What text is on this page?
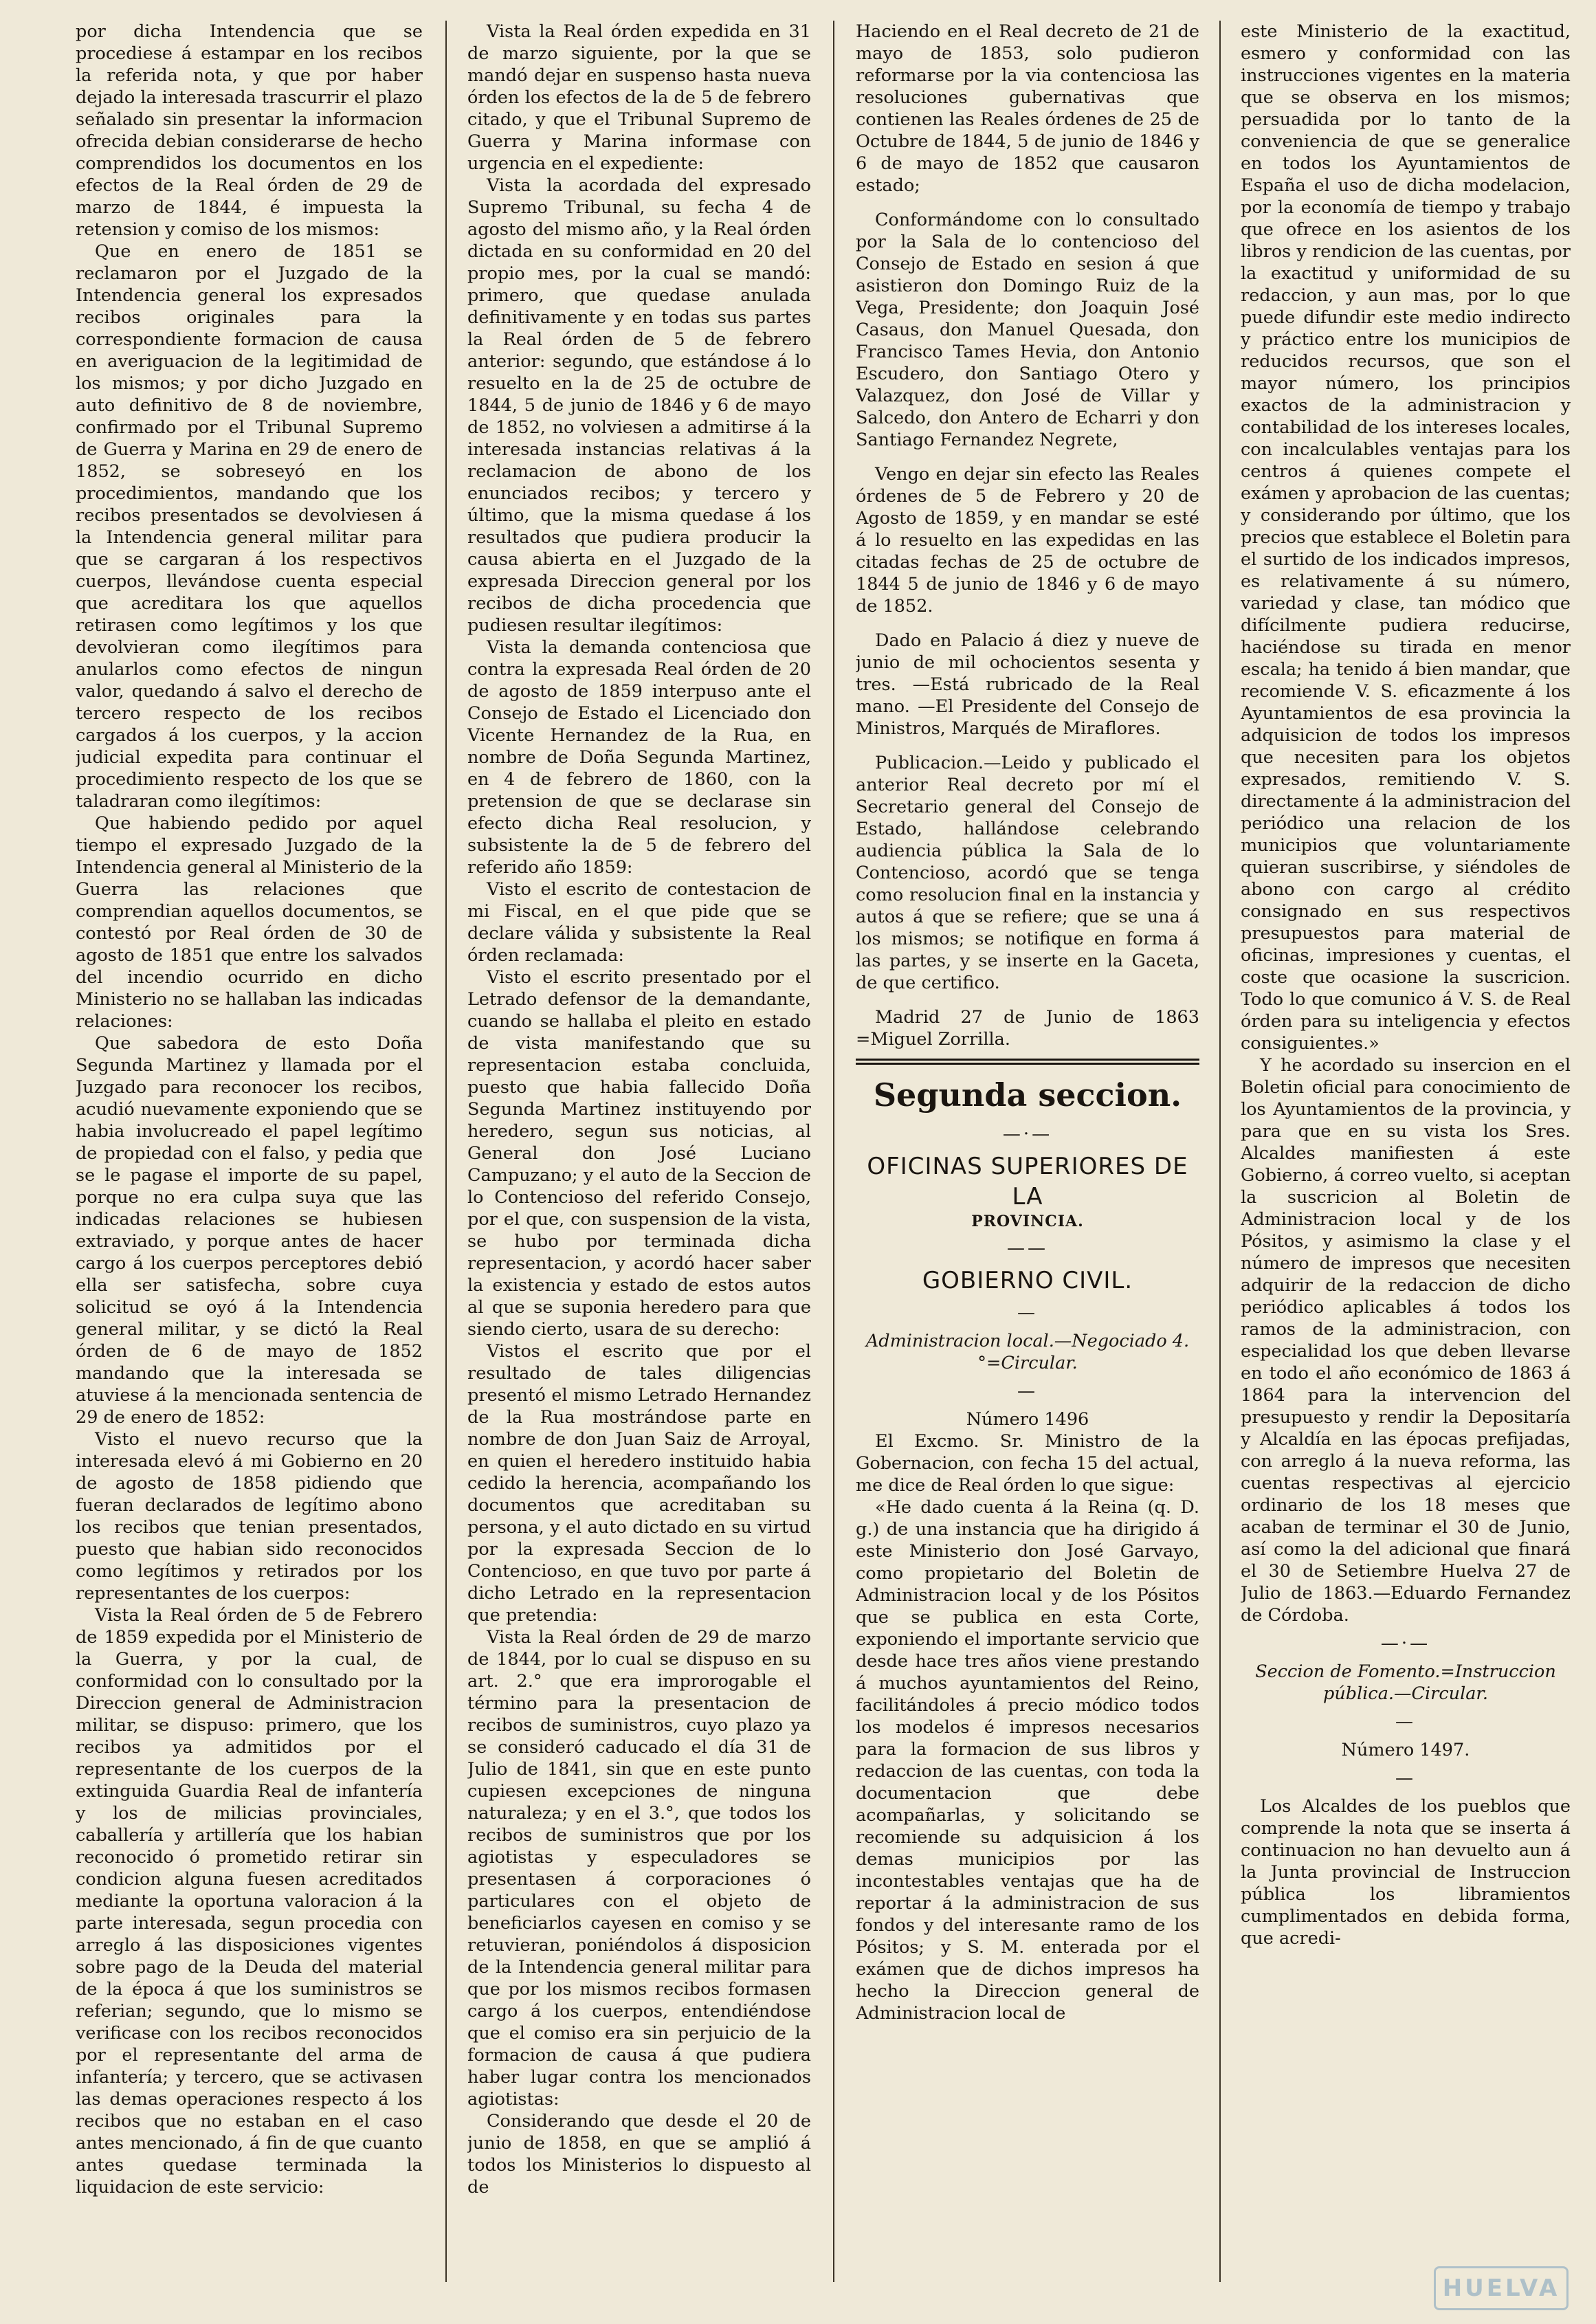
por dicha Intendencia que se procediese á estampar en los recibos la referida nota, y que por haber dejado la interesada trascurrir el plazo señalado sin presentar la informacion ofrecida debian considerarse de hecho comprendidos los documentos en los efectos de la Real órden de 29 de marzo de 1844, é impuesta la retension y comiso de los mismos:

Que en enero de 1851 se reclamaron por el Juzgado de la Intendencia general los expresados recibos originales para la correspondiente formacion de causa en averiguacion de la legitimidad de los mismos; y por dicho Juzgado en auto definitivo de 8 de noviembre, confirmado por el Tribunal Supremo de Guerra y Marina en 29 de enero de 1852, se sobreseyó en los procedimientos, mandando que los recibos presentados se devolviesen á la Intendencia general militar para que se cargaran á los respectivos cuerpos, llevándose cuenta especial que acreditara los que aquellos retirasen como legítimos y los que devolvieran como ilegítimos para anularlos como efectos de ningun valor, quedando á salvo el derecho de tercero respecto de los recibos cargados á los cuerpos, y la accion judicial expedita para continuar el procedimiento respecto de los que se taladraran como ilegítimos:

Que habiendo pedido por aquel tiempo el expresado Juzgado de la Intendencia general al Ministerio de la Guerra las relaciones que comprendian aquellos documentos, se contestó por Real órden de 30 de agosto de 1851 que entre los salvados del incendio ocurrido en dicho Ministerio no se hallaban las indicadas relaciones:

Que sabedora de esto Doña Segunda Martinez y llamada por el Juzgado para reconocer los recibos, acudió nuevamente exponiendo que se habia involucreado el papel legítimo de propiedad con el falso, y pedia que se le pagase el importe de su papel, porque no era culpa suya que las indicadas relaciones se hubiesen extraviado, y porque antes de hacer cargo á los cuerpos perceptores debió ella ser satisfecha, sobre cuya solicitud se oyó á la Intendencia general militar, y se dictó la Real órden de 6 de mayo de 1852 mandando que la interesada se atuviese á la mencionada sentencia de 29 de enero de 1852:

Visto el nuevo recurso que la interesada elevó á mi Gobierno en 20 de agosto de 1858 pidiendo que fueran declarados de legítimo abono los recibos que tenian presentados, puesto que habian sido reconocidos como legítimos y retirados por los representantes de los cuerpos:

Vista la Real órden de 5 de Febrero de 1859 expedida por el Ministerio de la Guerra, y por la cual, de conformidad con lo consultado por la Direccion general de Administracion militar, se dispuso: primero, que los recibos ya admitidos por el representante de los cuerpos de la extinguida Guardia Real de infantería y los de milicias provinciales, caballería y artillería que los habian reconocido ó prometido retirar sin condicion alguna fuesen acreditados mediante la oportuna valoracion á la parte interesada, segun procedia con arreglo á las disposiciones vigentes sobre pago de la Deuda del material de la época á que los suministros se referian; segundo, que lo mismo se verificase con los recibos reconocidos por el representante del arma de infantería; y tercero, que se activasen las demas operaciones respecto á los recibos que no estaban en el caso antes mencionado, á fin de que cuanto antes quedase terminada la liquidacion de este servicio:

Vista la Real órden expedida en 31 de marzo siguiente, por la que se mandó dejar en suspenso hasta nueva órden los efectos de la de 5 de febrero citado, y que el Tribunal Supremo de Guerra y Marina informase con urgencia en el expediente:

Vista la acordada del expresado Supremo Tribunal, su fecha 4 de agosto del mismo año, y la Real órden dictada en su conformidad en 20 del propio mes, por la cual se mandó: primero, que quedase anulada definitivamente y en todas sus partes la Real órden de 5 de febrero anterior: segundo, que estándose á lo resuelto en la de 25 de octubre de 1844, 5 de junio de 1846 y 6 de mayo de 1852, no volviesen a admitirse á la interesada instancias relativas á la reclamacion de abono de los enunciados recibos; y tercero y último, que la misma quedase á los resultados que pudiera producir la causa abierta en el Juzgado de la expresada Direccion general por los recibos de dicha procedencia que pudiesen resultar ilegítimos:

Vista la demanda contenciosa que contra la expresada Real órden de 20 de agosto de 1859 interpuso ante el Consejo de Estado el Licenciado don Vicente Hernandez de la Rua, en nombre de Doña Segunda Martinez, en 4 de febrero de 1860, con la pretension de que se declarase sin efecto dicha Real resolucion, y subsistente la de 5 de febrero del referido año 1859:

Visto el escrito de contestacion de mi Fiscal, en el que pide que se declare válida y subsistente la Real órden reclamada:

Visto el escrito presentado por el Letrado defensor de la demandante, cuando se hallaba el pleito en estado de vista manifestando que su representacion estaba concluida, puesto que habia fallecido Doña Segunda Martinez instituyendo por heredero, segun sus noticias, al General don José Luciano Campuzano; y el auto de la Seccion de lo Contencioso del referido Consejo, por el que, con suspension de la vista, se hubo por terminada dicha representacion, y acordó hacer saber la existencia y estado de estos autos al que se suponia heredero para que siendo cierto, usara de su derecho:

Vistos el escrito que por el resultado de tales diligencias presentó el mismo Letrado Hernandez de la Rua mostrándose parte en nombre de don Juan Saiz de Arroyal, en quien el heredero instituido habia cedido la herencia, acompañando los documentos que acreditaban su persona, y el auto dictado en su virtud por la expresada Seccion de lo Contencioso, en que tuvo por parte á dicho Letrado en la representacion que pretendia:

Vista la Real órden de 29 de marzo de 1844, por lo cual se dispuso en su art. 2.° que era improrogable el término para la presentacion de recibos de suministros, cuyo plazo ya se consideró caducado el día 31 de Julio de 1841, sin que en este punto cupiesen excepciones de ninguna naturaleza; y en el 3.°, que todos los recibos de suministros que por los agiotistas y especuladores se presentasen á corporaciones ó particulares con el objeto de beneficiarlos cayesen en comiso y se retuvieran, poniéndolos á disposicion de la Intendencia general militar para que por los mismos recibos formasen cargo á los cuerpos, entendiéndose que el comiso era sin perjuicio de la formacion de causa á que pudiera haber lugar contra los mencionados agiotistas:

Considerando que desde el 20 de junio de 1858, en que se amplió á todos los Ministerios lo dispuesto al de

Haciendo en el Real decreto de 21 de mayo de 1853, solo pudieron reformarse por la via contenciosa las resoluciones gubernativas que contienen las Reales órdenes de 25 de Octubre de 1844, 5 de junio de 1846 y 6 de mayo de 1852 que causaron estado;

Conformándome con lo consultado por la Sala de lo contencioso del Consejo de Estado en sesion á que asistieron don Domingo Ruiz de la Vega, Presidente; don Joaquin José Casaus, don Manuel Quesada, don Francisco Tames Hevia, don Antonio Escudero, don Santiago Otero y Valazquez, don José de Villar y Salcedo, don Antero de Echarri y don Santiago Fernandez Negrete,

Vengo en dejar sin efecto las Reales órdenes de 5 de Febrero y 20 de Agosto de 1859, y en mandar se esté á lo resuelto en las expedidas en las citadas fechas de 25 de octubre de 1844 5 de junio de 1846 y 6 de mayo de 1852.

Dado en Palacio á diez y nueve de junio de mil ochocientos sesenta y tres. —Está rubricado de la Real mano. —El Presidente del Consejo de Ministros, Marqués de Miraflores.

Publicacion.—Leido y publicado el anterior Real decreto por mí el Secretario general del Consejo de Estado, hallándose celebrando audiencia pública la Sala de lo Contencioso, acordó que se tenga como resolucion final en la instancia y autos á que se refiere; que se una á los mismos; se notifique en forma á las partes, y se inserte en la Gaceta, de que certifico.

Madrid 27 de Junio de 1863 =Miguel Zorrilla.

Segunda seccion.
—·—
OFICINAS SUPERIORES DE LA
PROVINCIA.
——
GOBIERNO CIVIL.
—

Administracion local.—Negociado 4.°=Circular.

—

Número 1496

El Excmo. Sr. Ministro de la Gobernacion, con fecha 15 del actual, me dice de Real órden lo que sigue:

«He dado cuenta á la Reina (q. D. g.) de una instancia que ha dirigido á este Ministerio don José Garvayo, como propietario del Boletin de Administracion local y de los Pósitos que se publica en esta Corte, exponiendo el importante servicio que desde hace tres años viene prestando á muchos ayuntamientos del Reino, facilitándoles á precio módico todos los modelos é impresos necesarios para la formacion de sus libros y redaccion de las cuentas, con toda la documentacion que debe acompañarlas, y solicitando se recomiende su adquisicion á los demas municipios por las incontestables ventajas que ha de reportar á la administracion de sus fondos y del interesante ramo de los Pósitos; y S. M. enterada por el exámen que de dichos impresos ha hecho la Direccion general de Administracion local de

este Ministerio de la exactitud, esmero y conformidad con las instrucciones vigentes en la materia que se observa en los mismos; persuadida por lo tanto de la conveniencia de que se generalice en todos los Ayuntamientos de España el uso de dicha modelacion, por la economía de tiempo y trabajo que ofrece en los asientos de los libros y rendicion de las cuentas, por la exactitud y uniformidad de su redaccion, y aun mas, por lo que puede difundir este medio indirecto y práctico entre los municipios de reducidos recursos, que son el mayor número, los principios exactos de la administracion y contabilidad de los intereses locales, con incalculables ventajas para los centros á quienes compete el exámen y aprobacion de las cuentas; y considerando por último, que los precios que establece el Boletin para el surtido de los indicados impresos, es relativamente á su número, variedad y clase, tan módico que difícilmente pudiera reducirse, haciéndose su tirada en menor escala; ha tenido á bien mandar, que recomiende V. S. eficazmente á los Ayuntamientos de esa provincia la adquisicion de todos los impresos que necesiten para los objetos expresados, remitiendo V. S. directamente á la administracion del periódico una relacion de los municipios que voluntariamente quieran suscribirse, y siéndoles de abono con cargo al crédito consignado en sus respectivos presupuestos para material de oficinas, impresiones y cuentas, el coste que ocasione la suscricion. Todo lo que comunico á V. S. de Real órden para su inteligencia y efectos consiguientes.»

Y he acordado su insercion en el Boletin oficial para conocimiento de los Ayuntamientos de la provincia, y para que en su vista los Sres. Alcaldes manifiesten á este Gobierno, á correo vuelto, si aceptan la suscricion al Boletin de Administracion local y de los Pósitos, y asimismo la clase y el número de impresos que necesiten adquirir de la redaccion de dicho periódico aplicables á todos los ramos de la administracion, con especialidad los que deben llevarse en todo el año económico de 1863 á 1864 para la intervencion del presupuesto y rendir la Depositaría y Alcaldía en las épocas prefijadas, con arreglo á la nueva reforma, las cuentas respectivas al ejercicio ordinario de los 18 meses que acaban de terminar el 30 de Junio, así como la del adicional que finará el 30 de Setiembre Huelva 27 de Julio de 1863.—Eduardo Fernandez de Córdoba.

—·—

Seccion de Fomento.=Instruccion pública.—Circular.

—

Número 1497.

—

Los Alcaldes de los pueblos que comprende la nota que se inserta á continuacion no han devuelto aun á la Junta provincial de Instruccion pública los libramientos cumplimentados en debida forma, que acredi-

HUELVA
